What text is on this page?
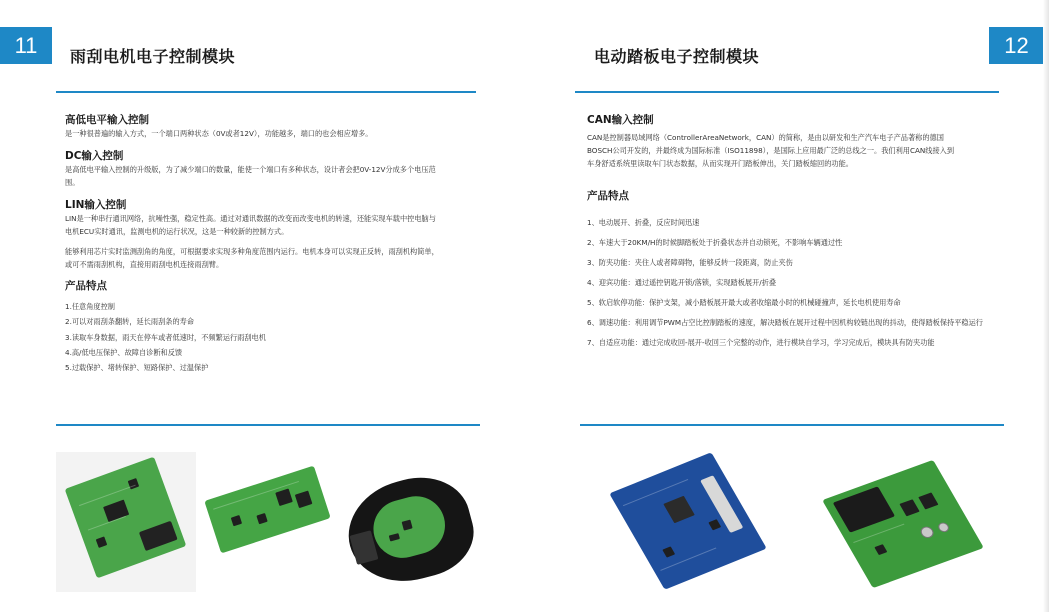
11	12
雨刮电机电子控制模块	电动踏板电子控制模块
高低电平输入控制
是一种很普遍的输入方式，一个端口两种状态（0V或者12V），功能越多，端口的也会相应增多。
DC输入控制
是高低电平输入控制的升级版，为了减少端口的数量，能使一个端口有多种状态，设计者会把0V-12V分成多个电压范围。
LIN输入控制
LIN是一种串行通讯网络，抗噪性强，稳定性高。通过对通讯数据的改变而改变电机的转速，还能实现车载中控电脑与电机ECU实时通讯，监测电机的运行状况，这是一种较新的控制方式。
能够利用芯片实时监测刮角的角度，可根据要求实现多种角度范围内运行。电机本身可以实现正反转，雨刮机构简单，或可不需雨刮机构，直接用雨刮电机连接雨刮臂。
产品特点
1.任意角度控制
2.可以对雨刮条翻转，延长雨刮条的寿命
3.读取车身数据，雨天在停车或者低速时，不频繁运行雨刮电机
4.高/低电压保护、故障自诊断和反馈
5.过载保护、堵转保护、短路保护、过温保护
CAN输入控制
CAN是控制器局域网络（ControllerAreaNetwork，CAN）的简称，是由以研发和生产汽车电子产品著称的德国BOSCH公司开发的，并最终成为国际标准（ISO11898），是国际上应用最广泛的总线之一。我们利用CAN线接入到车身舒适系统里读取车门状态数据，从而实现开门踏板伸出，关门踏板缩回的功能。
产品特点
1、电动展开、折叠，反应时间迅速
2、车速大于20KM/H的时候脚踏板处于折叠状态并自动锁死，不影响车辆通过性
3、防夹功能：夹住人或者障碍物，能够反转一段距离，防止夹伤
4、迎宾功能：通过遥控钥匙开锁/落锁，实现踏板展开/折叠
5、软启软停功能：保护支架，减小踏板展开最大或者收缩最小时的机械碰撞声，延长电机使用寿命
6、调速功能：利用调节PWM占空比控制踏板的速度，解决踏板在展开过程中因机构较链出现的抖动，使得踏板保持平稳运行
7、自适应功能：通过完成收回-展开-收回三个完整的动作，进行模块自学习，学习完成后，模块具有防夹功能
